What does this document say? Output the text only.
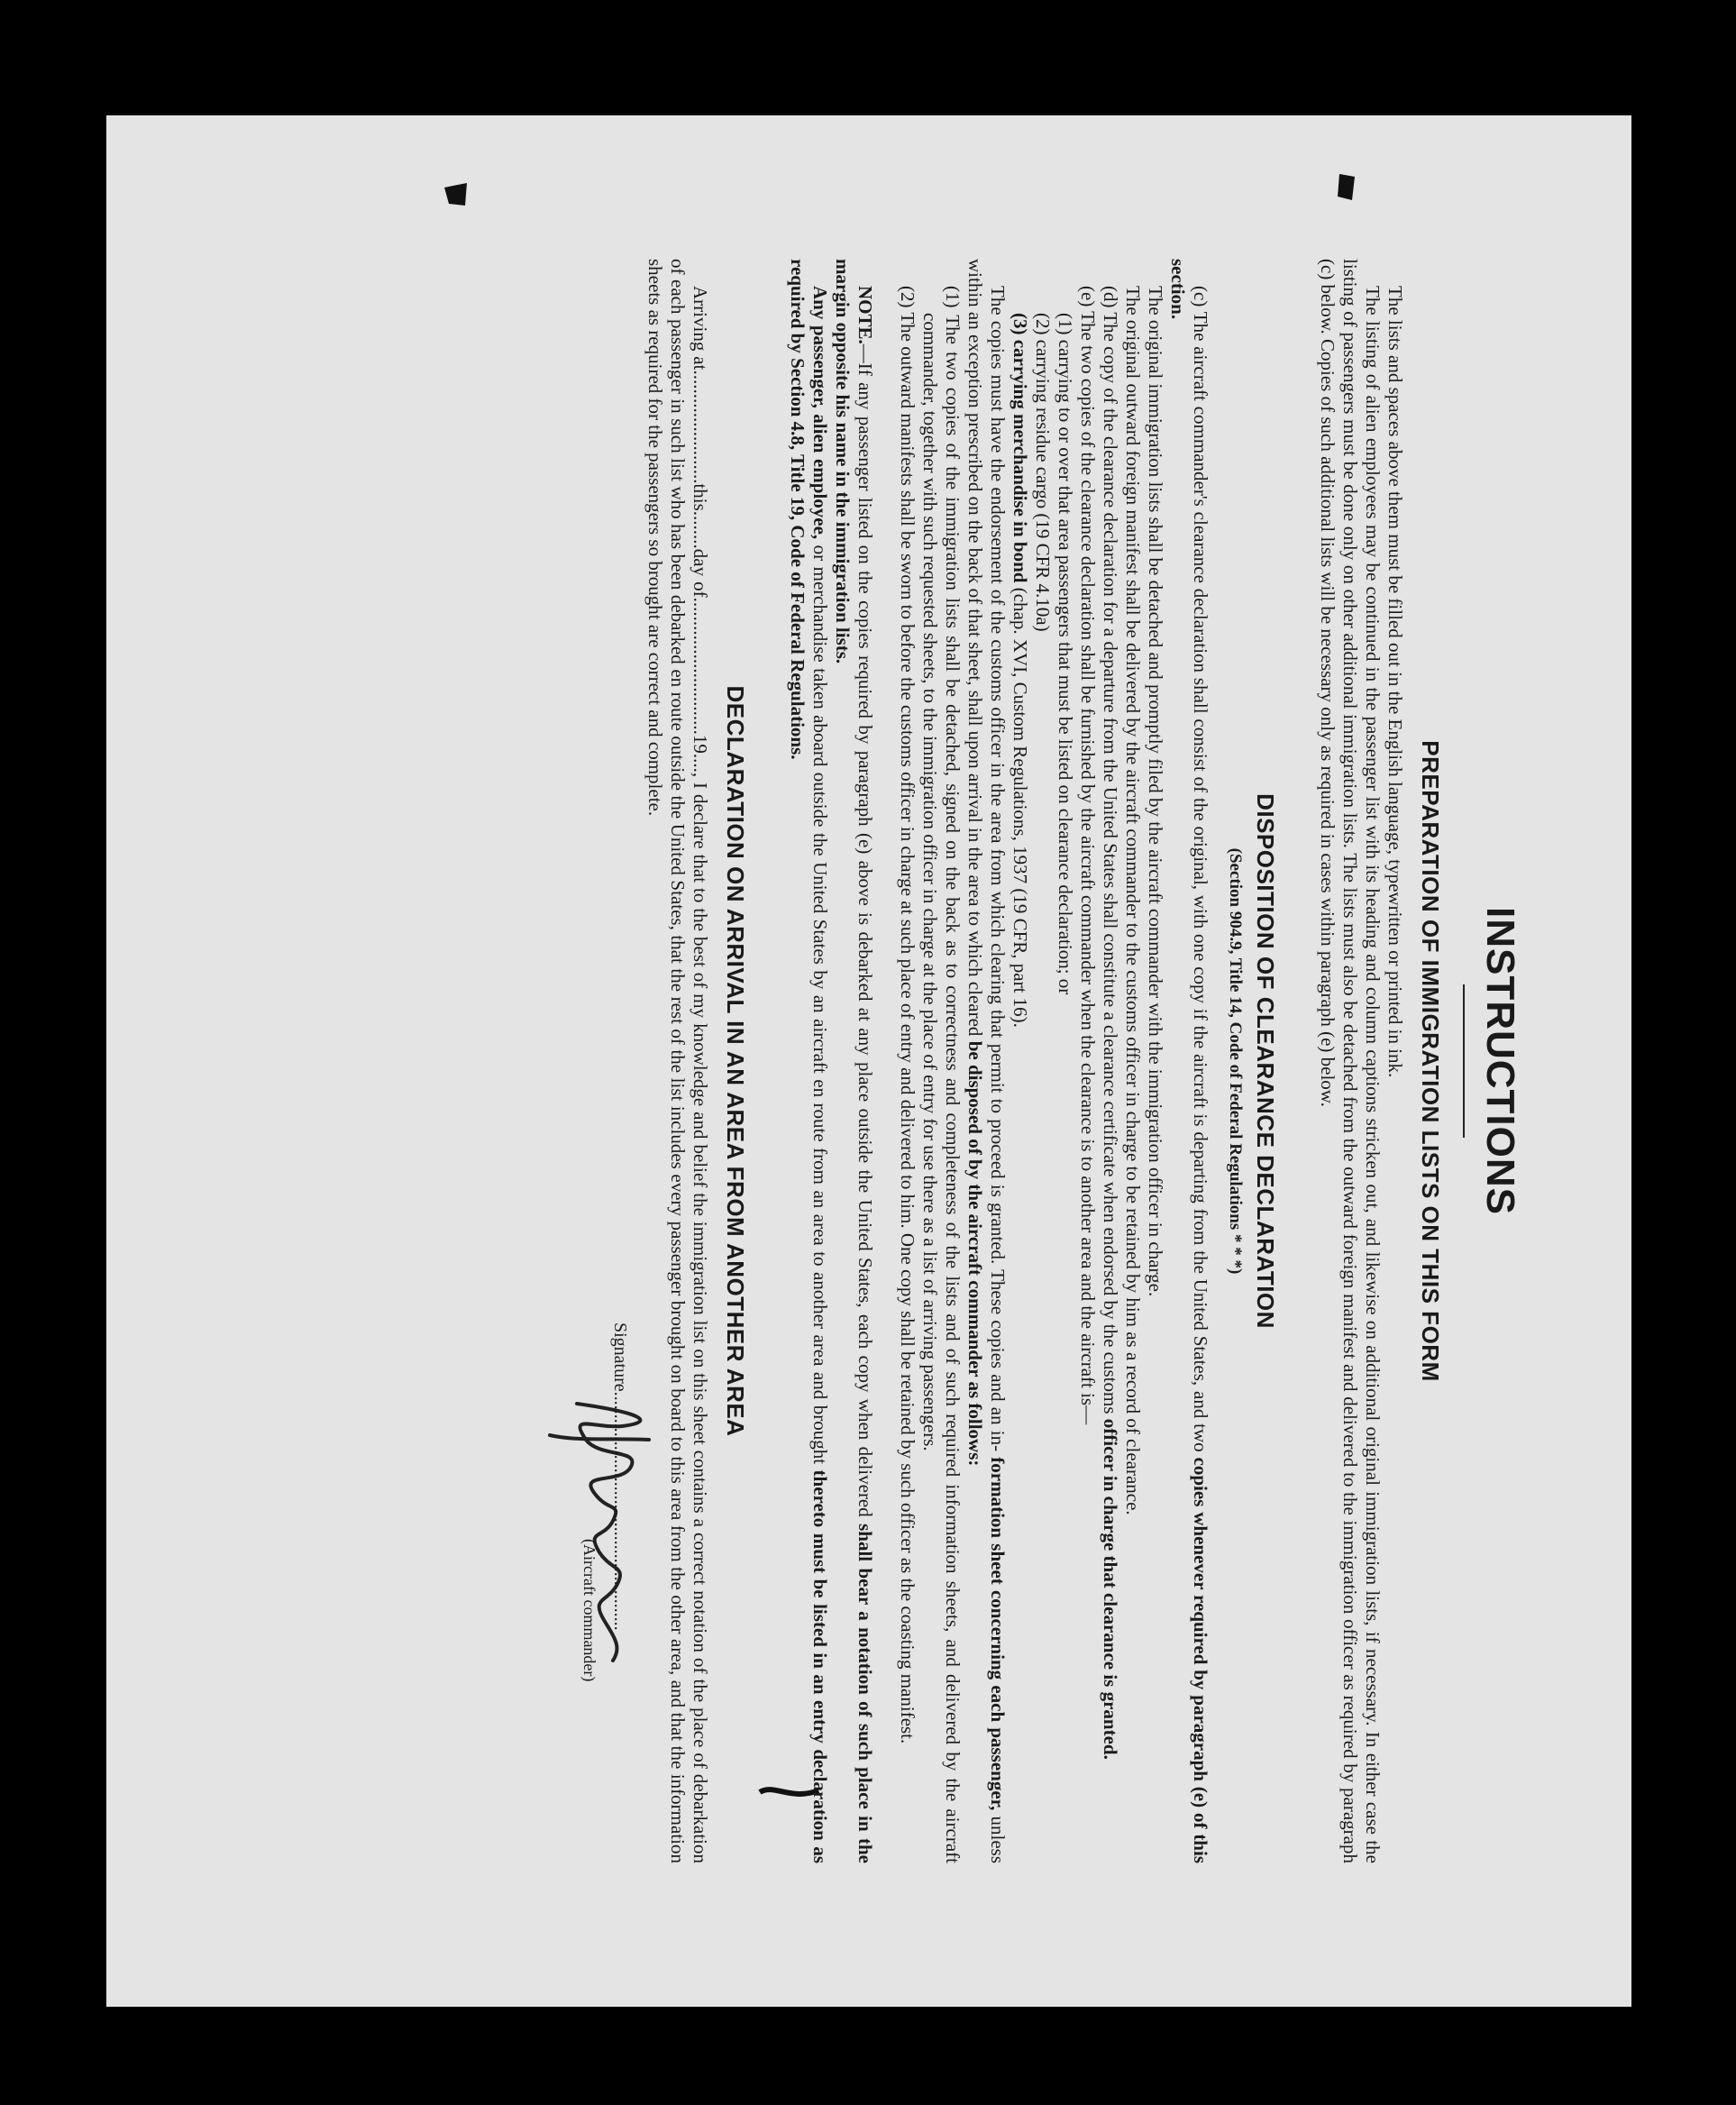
INSTRUCTIONS
PREPARATION OF IMMIGRATION LISTS ON THIS FORM

The lists and spaces above them must be filled out in the English language, typewritten or printed in ink.

The listing of alien employees may be continued in the passenger list with its heading and column captions stricken out, and likewise on additional original immigration lists, if necessary. In either case the listing of passengers must be done only on other additional immigration lists. The lists must also be detached from the outward foreign manifest and delivered to the immigration officer as required by paragraph (c) below. Copies of such additional lists will be necessary only as required in cases within paragraph (e) below.

DISPOSITION OF CLEARANCE DECLARATION
(Section 904.9, Title 14, Code of Federal Regulations * * *)

(c) The aircraft commander's clearance declaration shall consist of the original, with one copy if the aircraft is departing from the United States, and two copies whenever required by paragraph (e) of this section.

The original immigration lists shall be detached and promptly filed by the aircraft commander with the immigration officer in charge.

The original outward foreign manifest shall be delivered by the aircraft commander to the customs officer in charge to be retained by him as a record of clearance.

(d) The copy of the clearance declaration for a departure from the United States shall constitute a clearance certificate when endorsed by the customs officer in charge that clearance is granted.

(e) The two copies of the clearance declaration shall be furnished by the aircraft commander when the clearance is to another area and the aircraft is—

(1) carrying to or over that area passengers that must be listed on clearance declaration; or

(2) carrying residue cargo (19 CFR 4.10a)

(3) carrying merchandise in bond (chap. XVI, Custom Regulations, 1937 (19 CFR, part 16).

The copies must have the endorsement of the customs officer in the area from which clearing that permit to proceed is granted. These copies and an in- formation sheet concerning each passenger, unless within an exception prescribed on the back of that sheet, shall upon arrival in the area to which cleared be disposed of by the aircraft commander as follows:

(1) The two copies of the immigration lists shall be detached, signed on the back as to correctness and completeness of the lists and of such required information sheets, and delivered by the aircraft commander, together with such requested sheets, to the immigration officer in charge at the place of entry for use there as a list of arriving passengers.

(2) The outward manifests shall be sworn to before the customs officer in charge at such place of entry and delivered to him. One copy shall be retained by such officer as the coasting manifest.

NOTE.—If any passenger listed on the copies required by paragraph (e) above is debarked at any place outside the United States, each copy when delivered shall bear a notation of such place in the margin opposite his name in the immigration lists.

Any passenger, alien employee, or merchandise taken aboard outside the United States by an aircraft en route from an area to another area and brought thereto must be listed in an entry declaration as required by Section 4.8, Title 19, Code of Federal Regulations.

DECLARATION ON ARRIVAL IN AN AREA FROM ANOTHER AREA

Arriving at........................this........day of.............................19...., I declare that to the best of my knowledge and belief the immigration list on this sheet contains a correct notation of the place of debarkation of each passenger in such list who has been debarked en route outside the United States, that the rest of the list includes every passenger brought on board to this area from the other area, and that the information sheets as required for the passengers so brought are correct and complete.

Signature.....................................................
(Aircraft commander)
